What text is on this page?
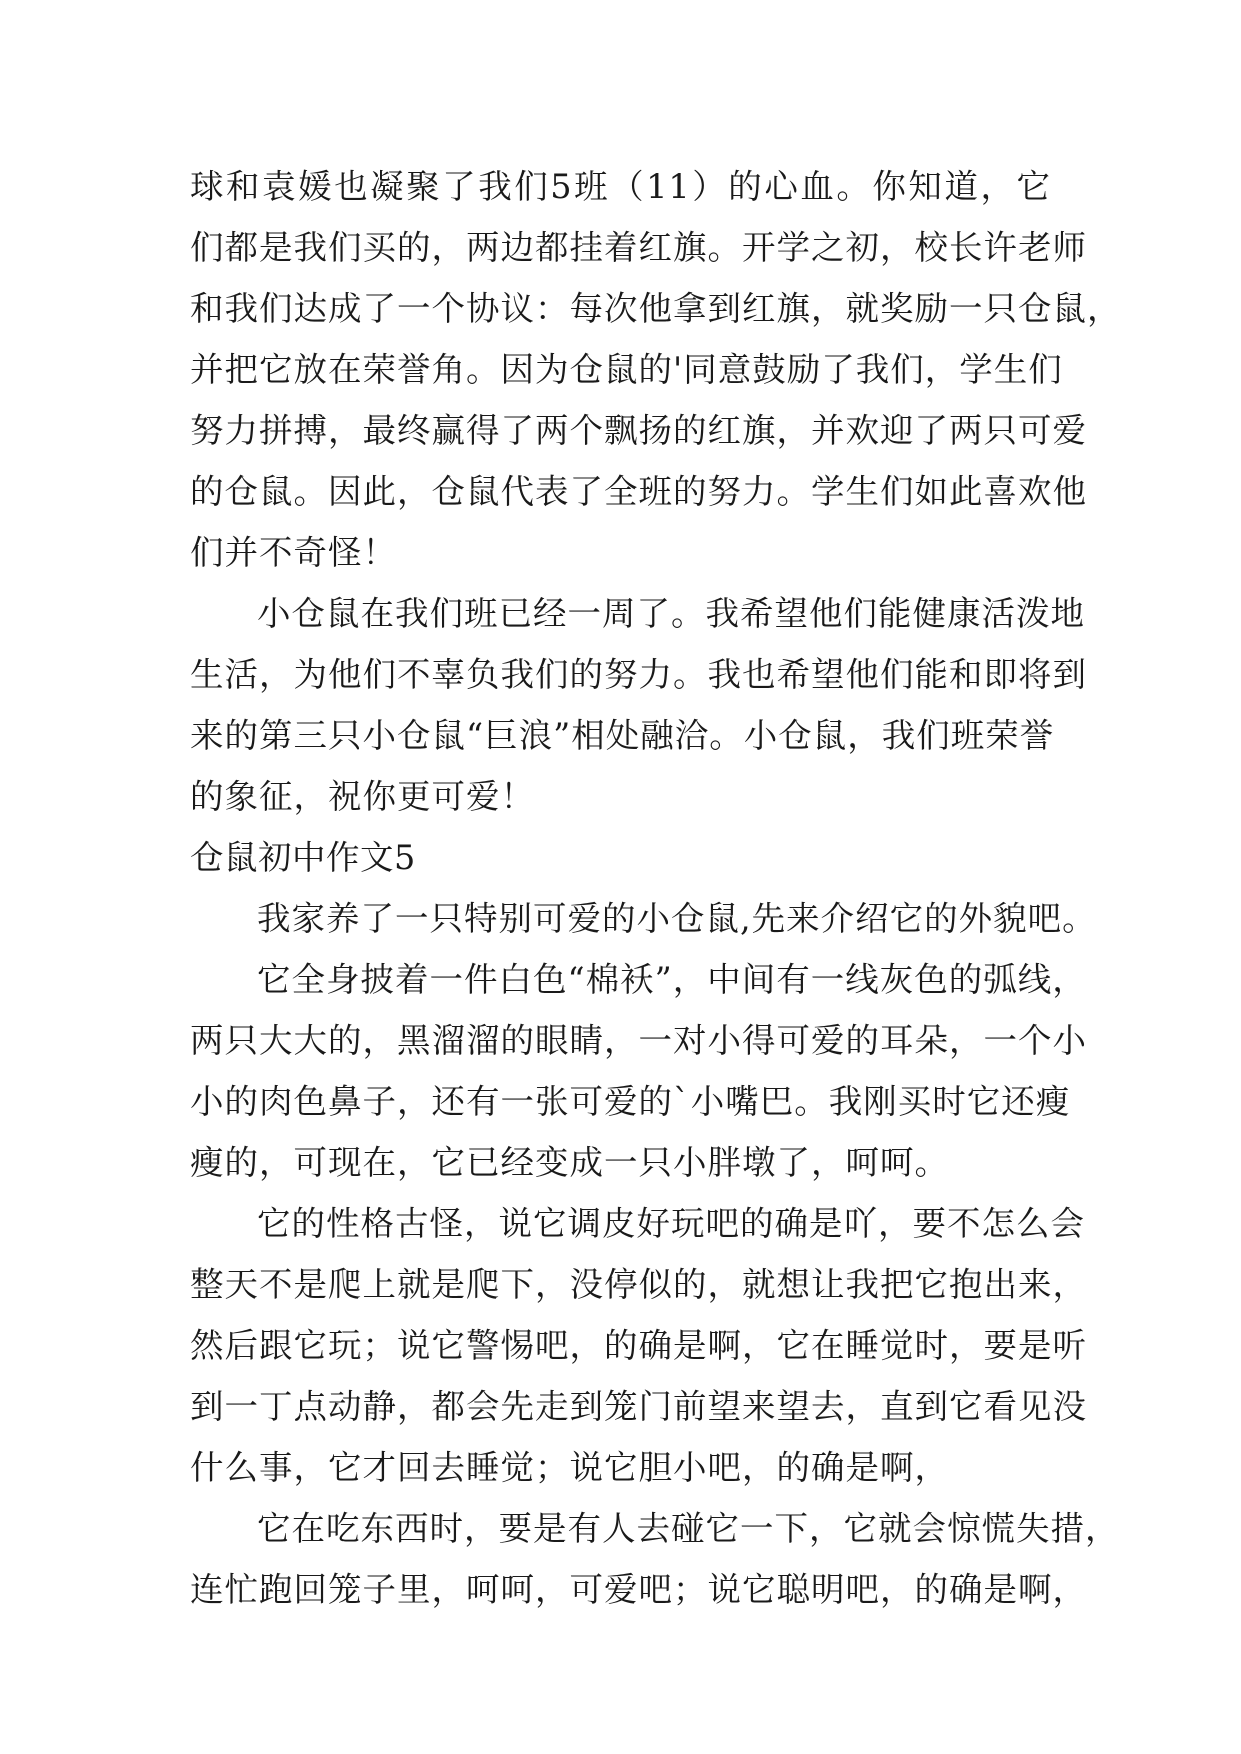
球和袁媛也凝聚了我们5班（11）的心血。你知道，它
们都是我们买的，两边都挂着红旗。开学之初，校长许老师
和我们达成了一个协议：每次他拿到红旗，就奖励一只仓鼠，
并把它放在荣誉角。因为仓鼠的'同意鼓励了我们，学生们
努力拼搏，最终赢得了两个飘扬的红旗，并欢迎了两只可爱
的仓鼠。因此，仓鼠代表了全班的努力。学生们如此喜欢他
们并不奇怪！
小仓鼠在我们班已经一周了。我希望他们能健康活泼地
生活，为他们不辜负我们的努力。我也希望他们能和即将到
来的第三只小仓鼠“巨浪”相处融洽。小仓鼠，我们班荣誉
的象征，祝你更可爱！
仓鼠初中作文5
我家养了一只特别可爱的小仓鼠,先来介绍它的外貌吧。
它全身披着一件白色“棉袄”，中间有一线灰色的弧线，
两只大大的，黑溜溜的眼睛，一对小得可爱的耳朵，一个小
小的肉色鼻子，还有一张可爱的`小嘴巴。我刚买时它还瘦
瘦的，可现在，它已经变成一只小胖墩了，呵呵。
它的性格古怪，说它调皮好玩吧的确是吖，要不怎么会
整天不是爬上就是爬下，没停似的，就想让我把它抱出来，
然后跟它玩；说它警惕吧，的确是啊，它在睡觉时，要是听
到一丁点动静，都会先走到笼门前望来望去，直到它看见没
什么事，它才回去睡觉；说它胆小吧，的确是啊，
它在吃东西时，要是有人去碰它一下，它就会惊慌失措，
连忙跑回笼子里，呵呵，可爱吧；说它聪明吧，的确是啊，
